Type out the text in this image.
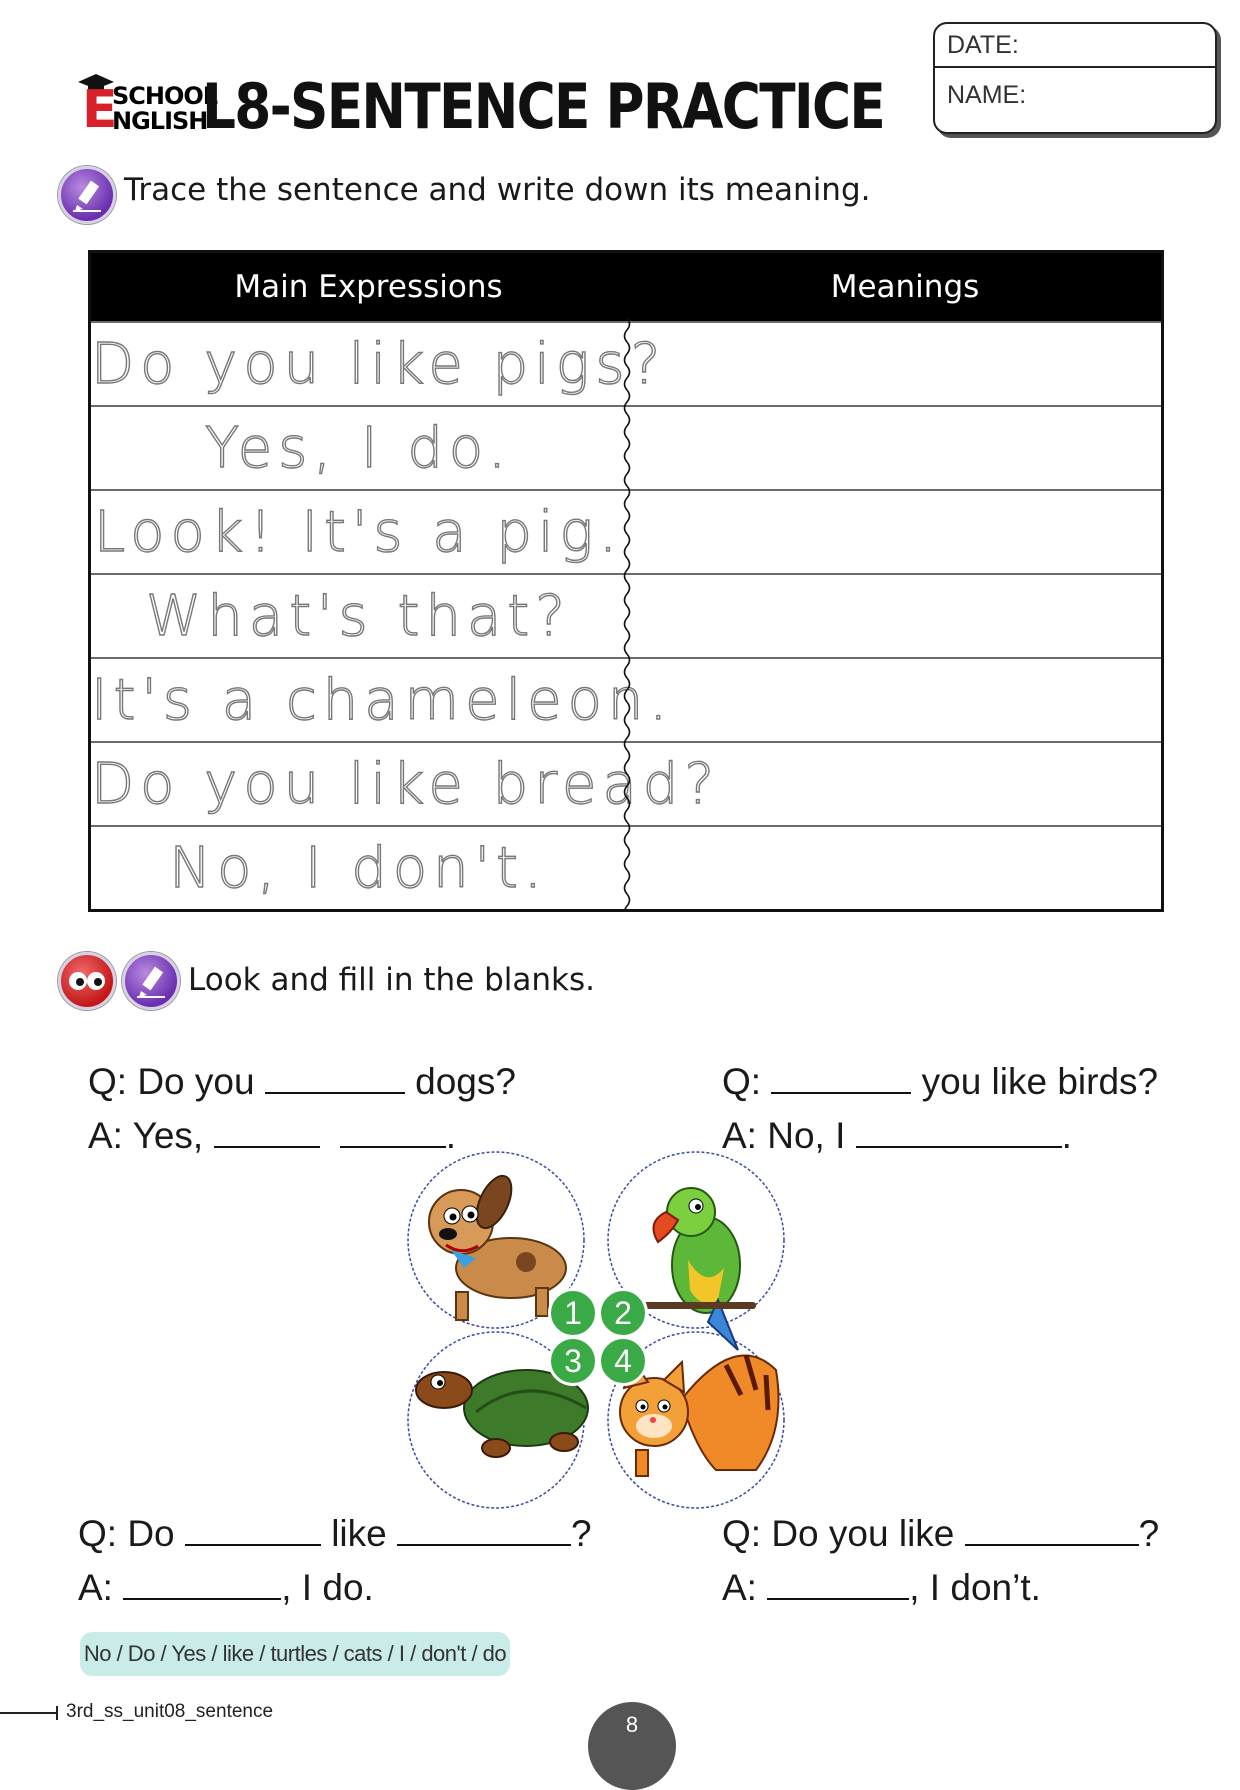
E
SCHOOL
NGLISH
L8-SENTENCE PRACTICE
DATE:
NAME:
Trace the sentence and write down its meaning.
Main Expressions	Meanings
Do you like pigs?
Yes, I do.
Look! It's a pig.
What's that?
It's a chameleon.
Do you like bread?
No, I don't.
Look and fill in the blanks.
Q: Do you	dogs?
A: Yes,	.
Q:	you like birds?
A: No, I	.
1	2
3	4
Q: Do	like	?
A:	, I do.
Q: Do you like	?
A:	, I don’t.
No / Do / Yes / like / turtles / cats / I / don't / do
3rd_ss_unit08_sentence
8
